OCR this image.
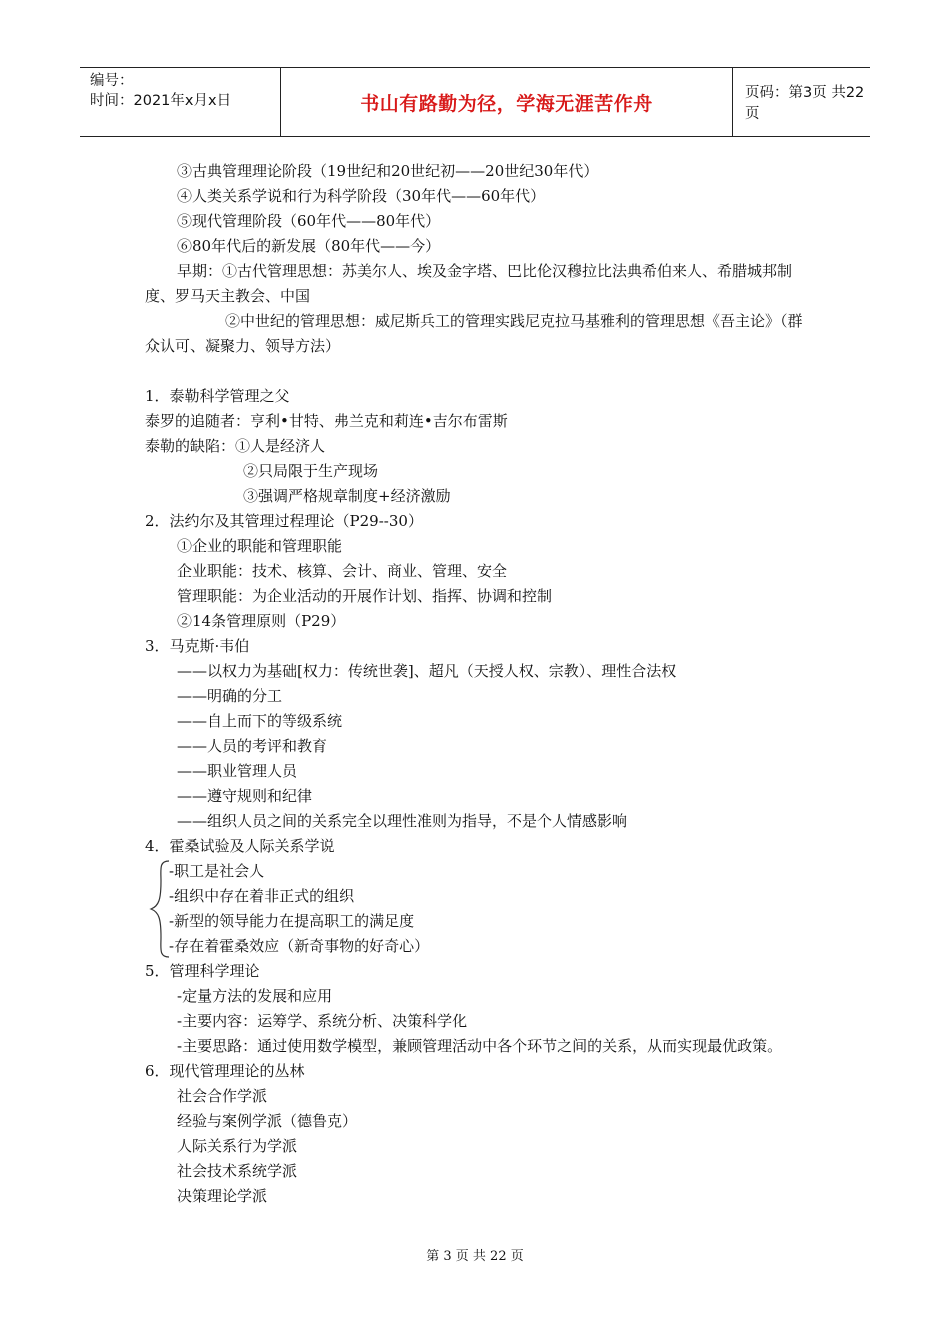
编号：
时间：2021年x月x日	书山有路勤为径，学海无涯苦作舟	页码：第3页 共22页
③古典管理理论阶段（19世纪和20世纪初——20世纪30年代）
④人类关系学说和行为科学阶段（30年代——60年代）
⑤现代管理阶段（60年代——80年代）
⑥80年代后的新发展（80年代——今）
早期：①古代管理思想：苏美尔人、埃及金字塔、巴比伦汉穆拉比法典希伯来人、希腊城邦制度、罗马天主教会、中国
②中世纪的管理思想：威尼斯兵工的管理实践尼克拉马基雅利的管理思想《吾主论》（群众认可、凝聚力、领导方法）
1．泰勒科学管理之父
泰罗的追随者：亨利•甘特、弗兰克和莉连•吉尔布雷斯
泰勒的缺陷：①人是经济人
②只局限于生产现场
③强调严格规章制度+经济激励
2．法约尔及其管理过程理论（P29--30）
①企业的职能和管理职能
企业职能：技术、核算、会计、商业、管理、安全
管理职能：为企业活动的开展作计划、指挥、协调和控制
②14条管理原则（P29）
3．马克斯·韦伯
——以权力为基础[权力：传统世袭]、超凡（天授人权、宗教）、理性合法权
——明确的分工
——自上而下的等级系统
——人员的考评和教育
——职业管理人员
——遵守规则和纪律
——组织人员之间的关系完全以理性准则为指导，不是个人情感影响
4．霍桑试验及人际关系学说
-职工是社会人
-组织中存在着非正式的组织
-新型的领导能力在提高职工的满足度
-存在着霍桑效应（新奇事物的好奇心）
5．管理科学理论
-定量方法的发展和应用
-主要内容：运筹学、系统分析、决策科学化
-主要思路：通过使用数学模型，兼顾管理活动中各个环节之间的关系，从而实现最优政策。
6．现代管理理论的丛林
社会合作学派
经验与案例学派（德鲁克）
人际关系行为学派
社会技术系统学派
决策理论学派
第 3 页 共 22 页
